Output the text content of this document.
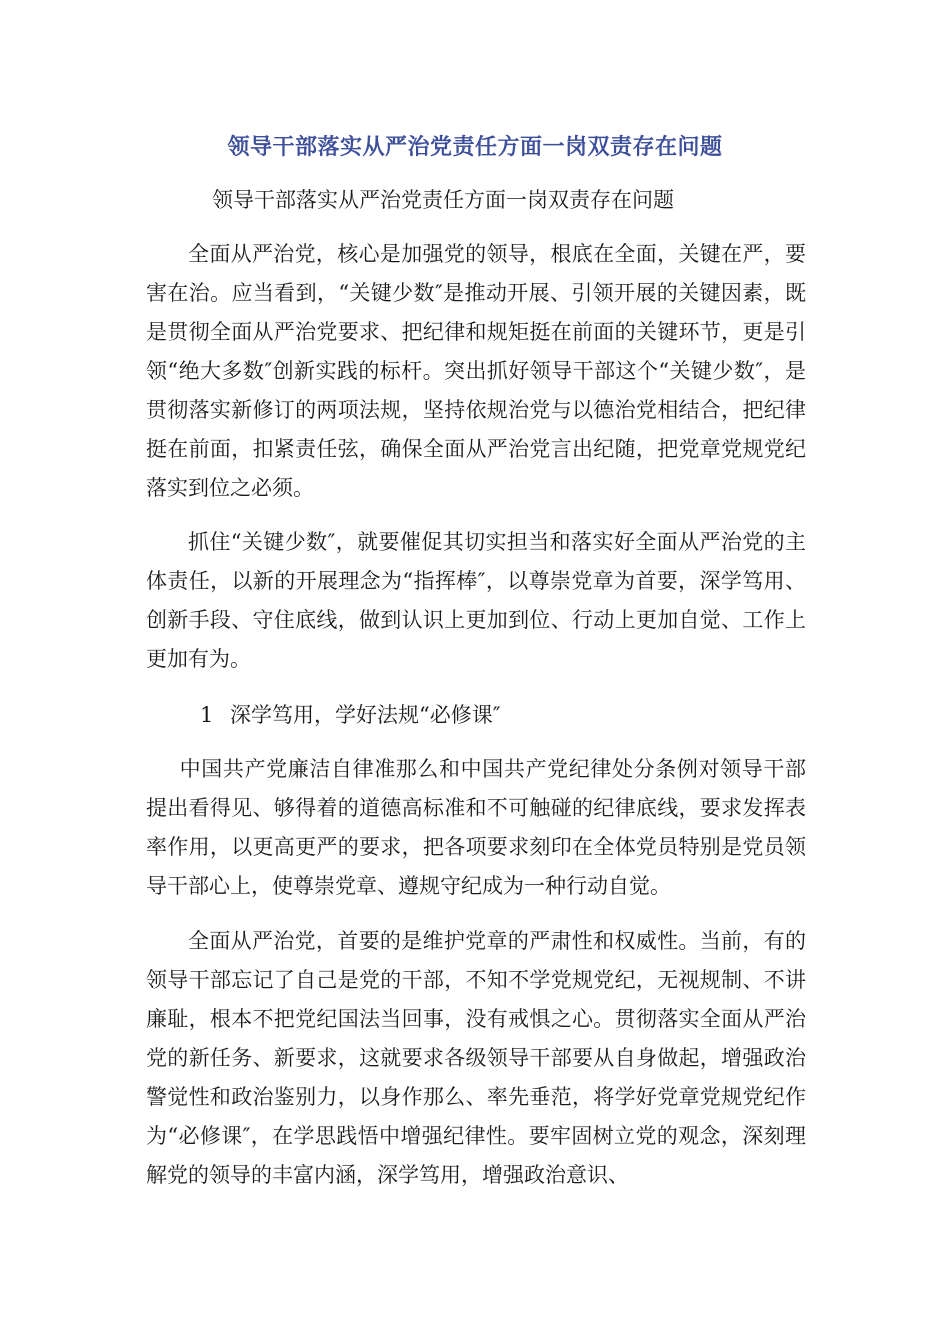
领导干部落实从严治党责任方面一岗双责存在问题
领导干部落实从严治党责任方面一岗双责存在问题

全面从严治党，核心是加强党的领导，根底在全面，关键在严，要害在治。应当看到，“关键少数″是推动开展、引领开展的关键因素，既是贯彻全面从严治党要求、把纪律和规矩挺在前面的关键环节，更是引领“绝大多数″创新实践的标杆。突出抓好领导干部这个“关键少数″，是贯彻落实新修订的两项法规，坚持依规治党与以德治党相结合，把纪律挺在前面，扣紧责任弦，确保全面从严治党言出纪随，把党章党规党纪落实到位之必须。

抓住“关键少数″，就要催促其切实担当和落实好全面从严治党的主体责任，以新的开展理念为“指挥棒″，以尊崇党章为首要，深学笃用、创新手段、守住底线，做到认识上更加到位、行动上更加自觉、工作上更加有为。

1 深学笃用，学好法规“必修课″

中国共产党廉洁自律准那么和中国共产党纪律处分条例对领导干部提出看得见、够得着的道德高标准和不可触碰的纪律底线，要求发挥表率作用，以更高更严的要求，把各项要求刻印在全体党员特别是党员领导干部心上，使尊崇党章、遵规守纪成为一种行动自觉。

全面从严治党，首要的是维护党章的严肃性和权威性。当前，有的领导干部忘记了自己是党的干部，不知不学党规党纪，无视规制、不讲廉耻，根本不把党纪国法当回事，没有戒惧之心。贯彻落实全面从严治党的新任务、新要求，这就要求各级领导干部要从自身做起，增强政治警觉性和政治鉴别力，以身作那么、率先垂范，将学好党章党规党纪作为“必修课″，在学思践悟中增强纪律性。要牢固树立党的观念，深刻理解党的领导的丰富内涵，深学笃用，增强政治意识、
